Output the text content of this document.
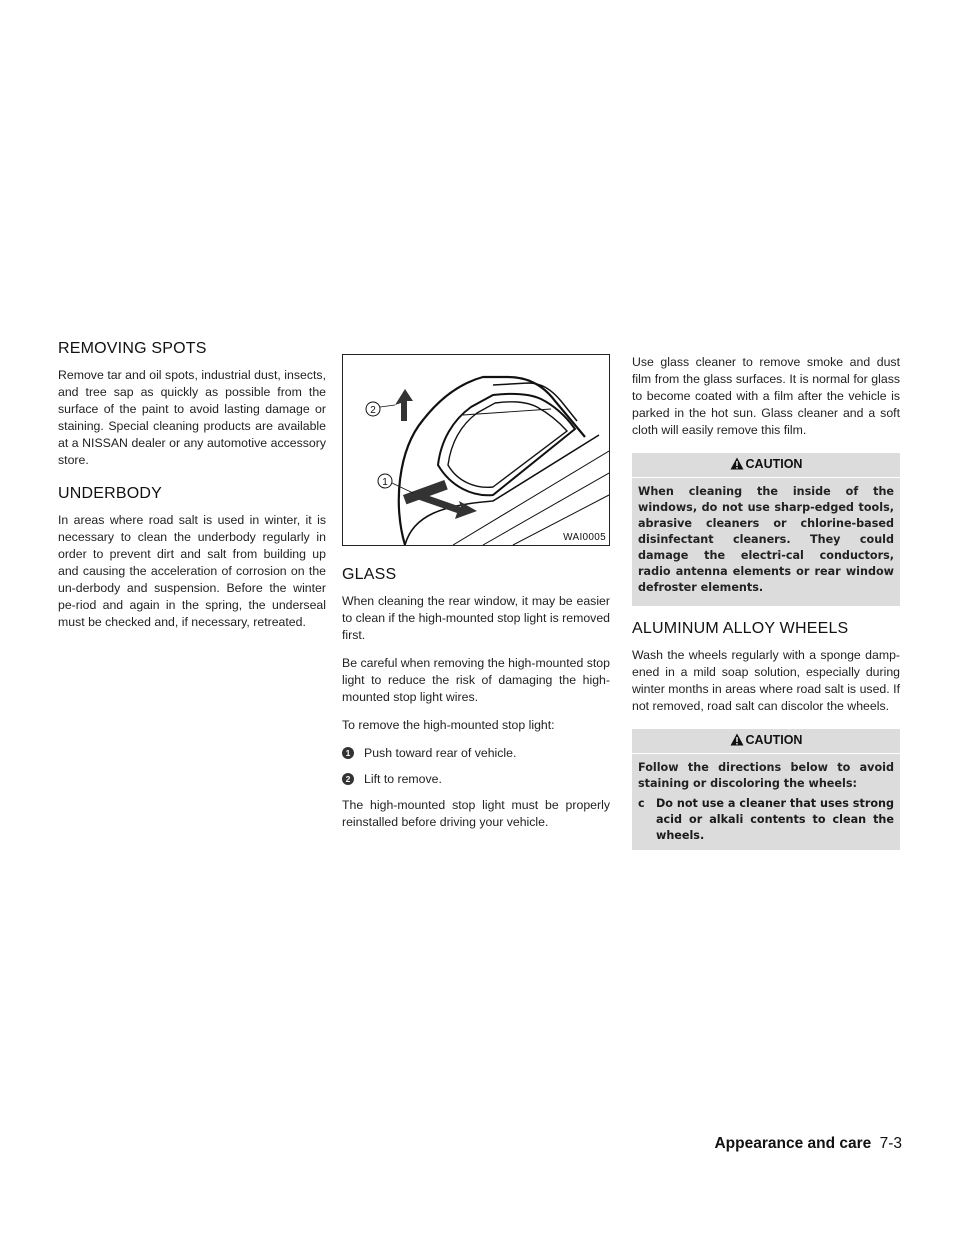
REMOVING SPOTS

Remove tar and oil spots, industrial dust, insects, and tree sap as quickly as possible from the surface of the paint to avoid lasting damage or staining. Special cleaning products are available at a NISSAN dealer or any automotive accessory store.

UNDERBODY

In areas where road salt is used in winter, it is necessary to clean the underbody regularly in order to prevent dirt and salt from building up and causing the acceleration of corrosion on the un-derbody and suspension. Before the winter pe-riod and again in the spring, the underseal must be checked and, if necessary, retreated.

2
1
WAI0005
GLASS

When cleaning the rear window, it may be easier to clean if the high-mounted stop light is removed first.

Be careful when removing the high-mounted stop light to reduce the risk of damaging the high-mounted stop light wires.

To remove the high-mounted stop light:

1 Push toward rear of vehicle.
2 Lift to remove.

The high-mounted stop light must be properly reinstalled before driving your vehicle.

Use glass cleaner to remove smoke and dust film from the glass surfaces. It is normal for glass to become coated with a film after the vehicle is parked in the hot sun. Glass cleaner and a soft cloth will easily remove this film.

CAUTION

When cleaning the inside of the windows, do not use sharp-edged tools, abrasive cleaners or chlorine-based disinfectant cleaners. They could damage the electri-cal conductors, radio antenna elements or rear window defroster elements.

ALUMINUM ALLOY WHEELS

Wash the wheels regularly with a sponge damp-ened in a mild soap solution, especially during winter months in areas where road salt is used. If not removed, road salt can discolor the wheels.

CAUTION

Follow the directions below to avoid staining or discoloring the wheels:

c	Do not use a cleaner that uses strong acid or alkali contents to clean the wheels.
Appearance and care 7-3
